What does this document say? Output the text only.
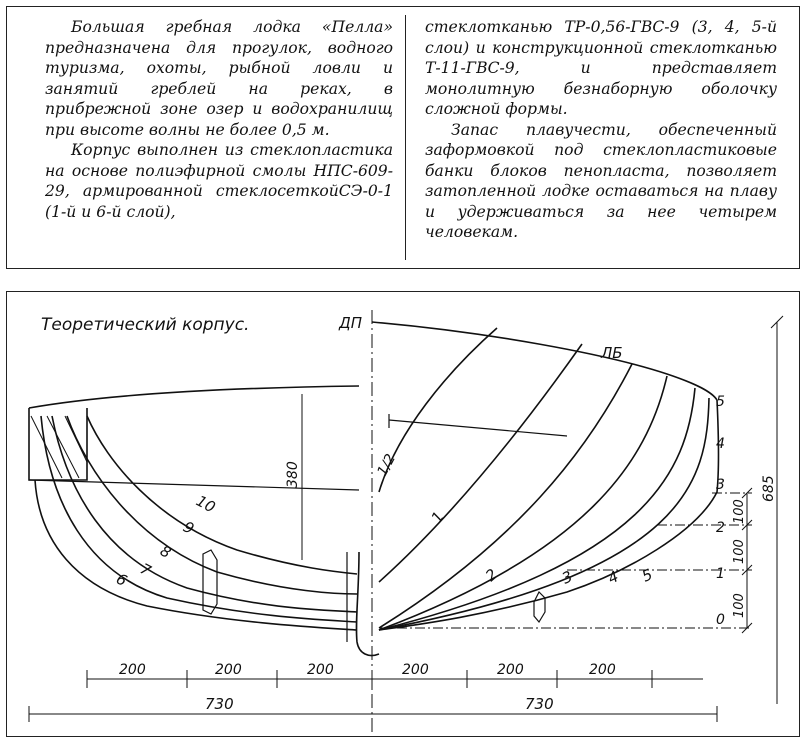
Большая гребная лодка «Пелла» предназначена для прогулок, водного туризма, охоты, рыбной ловли и занятий греблей на реках, в прибрежной зоне озер и водохранилищ при высоте волны не более 0,5 м.

Корпус выполнен из стеклопластика на основе полиэфирной смолы НПС-609-29, армированной стеклосеткойСЭ-0-1 (1-й и 6-й слой),

стеклотканью ТР-0,56-ГВС-9 (3, 4, 5-й слои) и конструкционной стеклотканью Т-11-ГВС-9, и представляет монолитную безнаборную оболочку сложной формы.

Запас плавучести, обеспеченный заформовкой под стеклопластиковые банки блоков пенопласта, позволяет затопленной лодке оставаться на плаву и удерживаться за нее четырем человекам.

Теоретический корпус.	ДП
10
9
8
7
6
380	1/2
1
2	3 4 5
ЛБ
5
4
3
2
1
0
100
100
100
685
200	200	200	200	200	200
730	730
